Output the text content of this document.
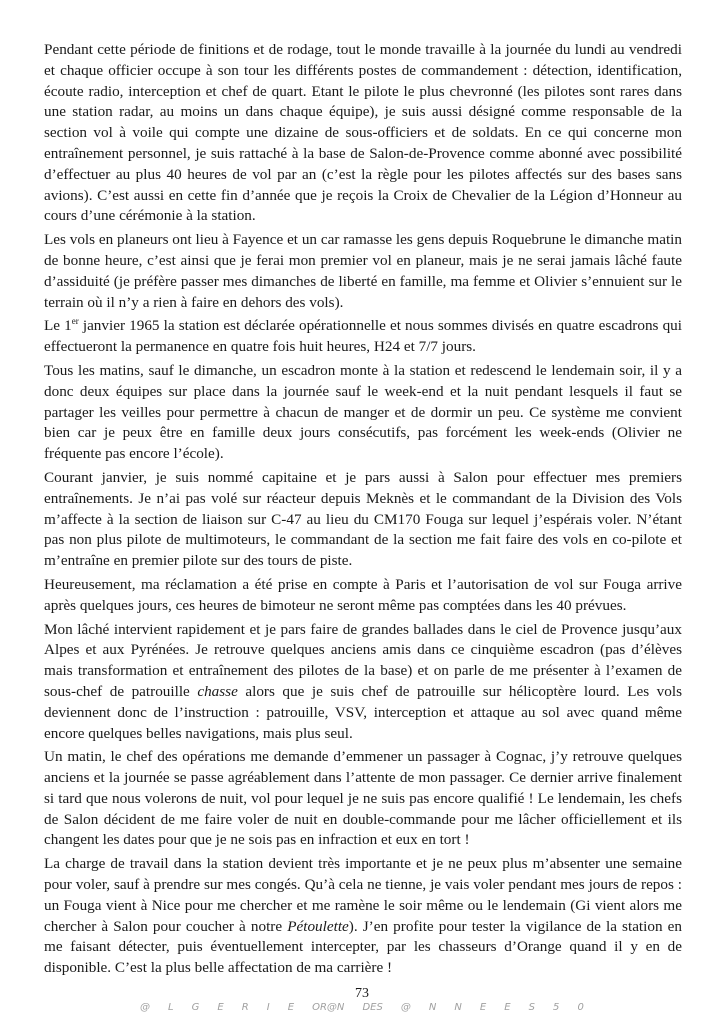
Pendant cette période de finitions et de rodage, tout le monde travaille à la journée du lundi au vendredi et chaque officier occupe à son tour les différents postes de commandement : détection, identification, écoute radio, interception et chef de quart. Etant le pilote le plus chevronné (les pilotes sont rares dans une station radar, au moins un dans chaque équipe), je suis aussi désigné comme responsable de la section vol à voile qui compte une dizaine de sous-officiers et de soldats. En ce qui concerne mon entraînement personnel, je suis rattaché à la base de Salon-de-Provence comme abonné avec possibilité d’effectuer au plus 40 heures de vol par an (c’est la règle pour les pilotes affectés sur des bases sans avions). C’est aussi en cette fin d’année que je reçois la Croix de Chevalier de la Légion d’Honneur au cours d’une cérémonie à la station.

Les vols en planeurs ont lieu à Fayence et un car ramasse les gens depuis Roquebrune le dimanche matin de bonne heure, c’est ainsi que je ferai mon premier vol en planeur, mais je ne serai jamais lâché faute d’assiduité (je préfère passer mes dimanches de liberté en famille, ma femme et Olivier s’ennuient sur le terrain où il n’y a rien à faire en dehors des vols).

Le 1er janvier 1965 la station est déclarée opérationnelle et nous sommes divisés en quatre escadrons qui effectueront la permanence en quatre fois huit heures, H24 et 7/7 jours.

Tous les matins, sauf le dimanche, un escadron monte à la station et redescend le lendemain soir, il y a donc deux équipes sur place dans la journée sauf le week-end et la nuit pendant lesquels il faut se partager les veilles pour permettre à chacun de manger et de dormir un peu. Ce système me convient bien car je peux être en famille deux jours consécutifs, pas forcément les week-ends (Olivier ne fréquente pas encore l’école).

Courant janvier, je suis nommé capitaine et je pars aussi à Salon pour effectuer mes premiers entraînements. Je n’ai pas volé sur réacteur depuis Meknès et le commandant de la Division des Vols m’affecte à la section de liaison sur C-47 au lieu du CM170 Fouga sur lequel j’espérais voler. N’étant pas non plus pilote de multimoteurs, le commandant de la section me fait faire des vols en co-pilote et m’entraîne en premier pilote sur des tours de piste.

Heureusement, ma réclamation a été prise en compte à Paris et l’autorisation de vol sur Fouga arrive après quelques jours, ces heures de bimoteur ne seront même pas comptées dans les 40 prévues.

Mon lâché intervient rapidement et je pars faire de grandes ballades dans le ciel de Provence jusqu’aux Alpes et aux Pyrénées. Je retrouve quelques anciens amis dans ce cinquième escadron (pas d’élèves mais transformation et entraînement des pilotes de la base) et on parle de me présenter à l’examen de sous-chef de patrouille chasse alors que je suis chef de patrouille sur hélicoptère lourd. Les vols deviennent donc de l’instruction : patrouille, VSV, interception et attaque au sol avec quand même encore quelques belles navigations, mais plus seul.

Un matin, le chef des opérations me demande d’emmener un passager à Cognac, j’y retrouve quelques anciens et la journée se passe agréablement dans l’attente de mon passager. Ce dernier arrive finalement si tard que nous volerons de nuit, vol pour lequel je ne suis pas encore qualifié ! Le lendemain, les chefs de Salon décident de me faire voler de nuit en double-commande pour me lâcher officiellement et ils changent les dates pour que je ne sois pas en infraction et eux en tort !

La charge de travail dans la station devient très importante et je ne peux plus m’absenter une semaine pour voler, sauf à prendre sur mes congés. Qu’à cela ne tienne, je vais voler pendant mes jours de repos : un Fouga vient à Nice pour me chercher et me ramène le soir même ou le lendemain (Gi vient alors me chercher à Salon pour coucher à notre Pétoulette). J’en profite pour tester la vigilance de la station en me faisant détecter, puis éventuellement intercepter, par les chasseurs d’Orange quand il y en de disponible. C’est la plus belle affectation de ma carrière !

73
@ L G E R I E OR@N DES @ N N E E S 5 0
